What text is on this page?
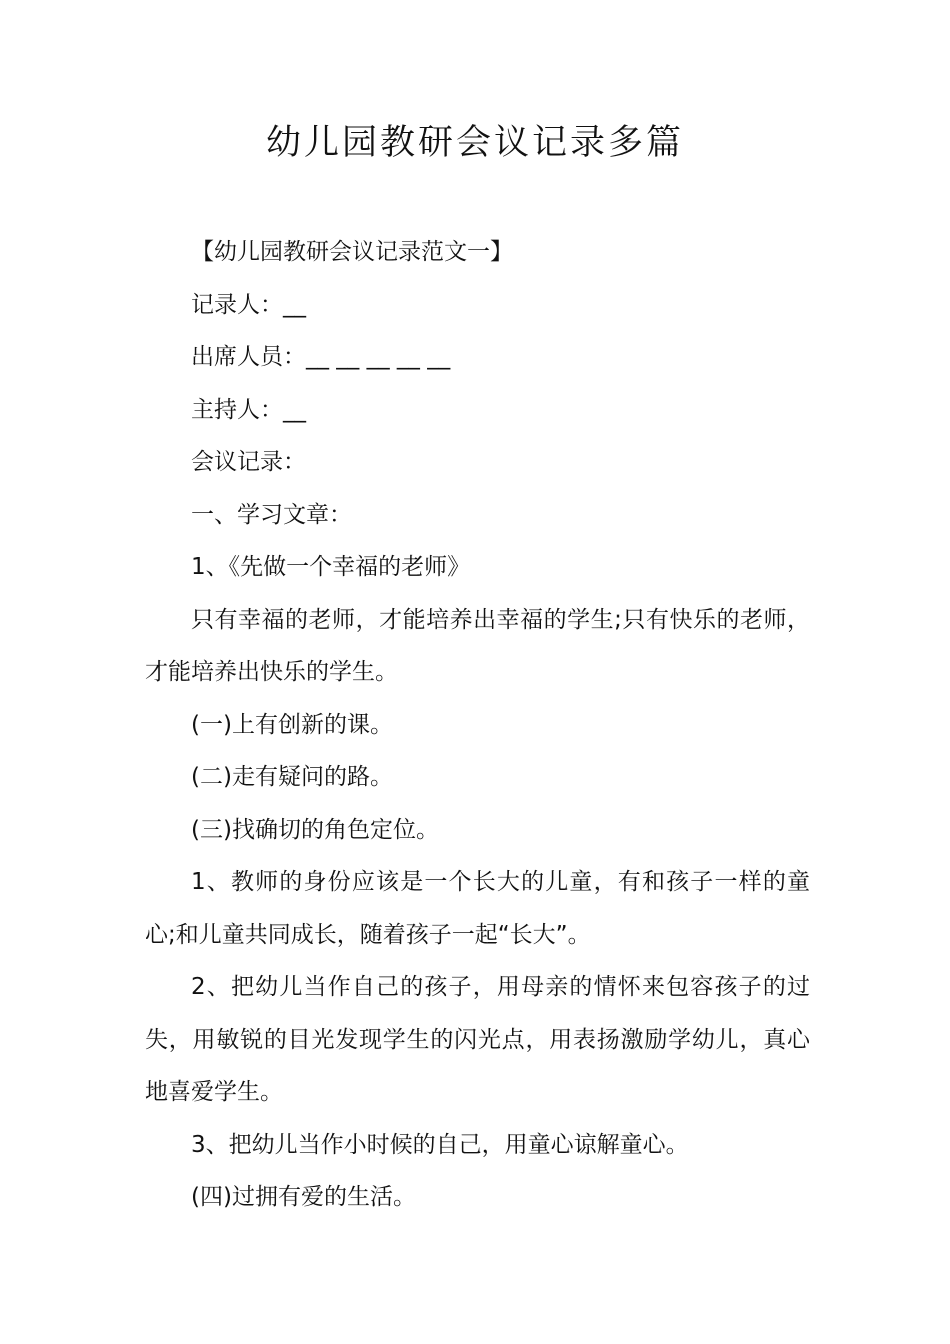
幼儿园教研会议记录多篇

【幼儿园教研会议记录范文一】

记录人：__

出席人员：__ __ __ __ __

主持人：__

会议记录：

一、学习文章：

1、《先做一个幸福的老师》

只有幸福的老师，才能培养出幸福的学生;只有快乐的老师，才能培养出快乐的学生。

(一)上有创新的课。

(二)走有疑问的路。

(三)找确切的角色定位。

1、教师的身份应该是一个长大的儿童，有和孩子一样的童心;和儿童共同成长，随着孩子一起“长大”。

2、把幼儿当作自己的孩子，用母亲的情怀来包容孩子的过失，用敏锐的目光发现学生的闪光点，用表扬激励学幼儿，真心地喜爱学生。

3、把幼儿当作小时候的自己，用童心谅解童心。

(四)过拥有爱的生活。
